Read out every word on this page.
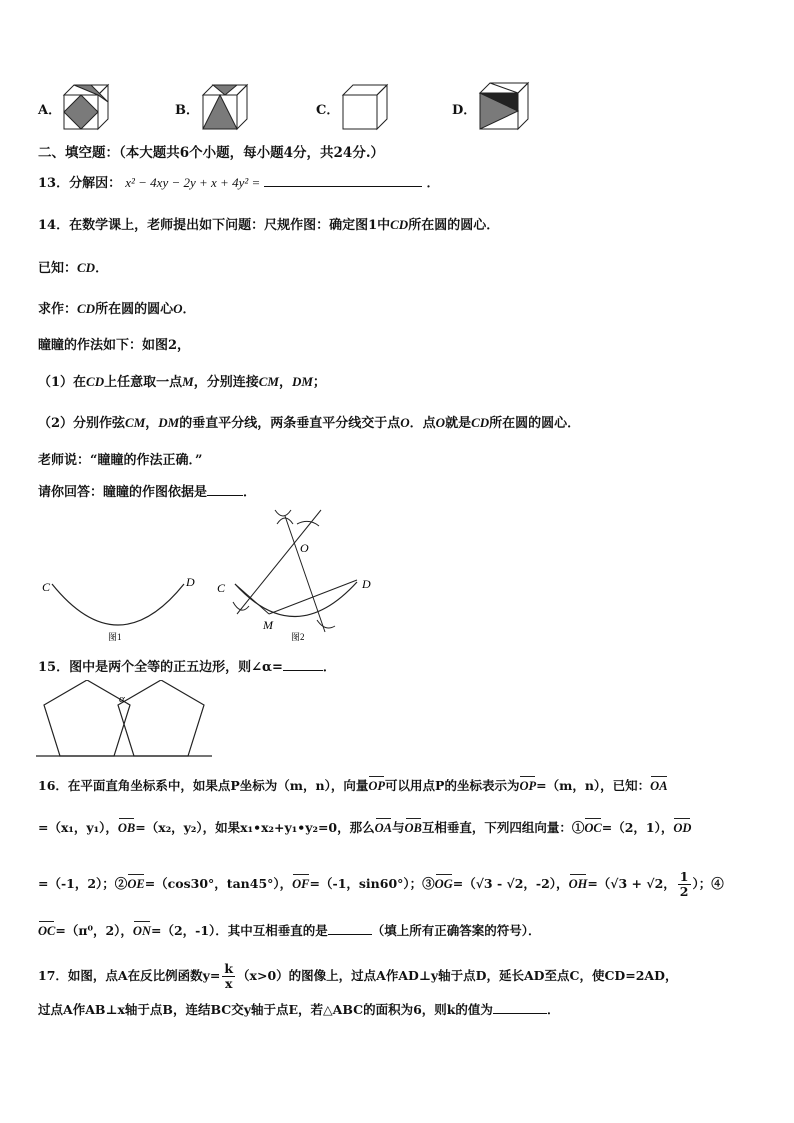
A．	B．	C．	D．
二、填空题：（本大题共6个小题，每小题4分，共24分.）
13．分解因： x² − 4xy − 2y + x + 4y² =	．
14．在数学课上，老师提出如下问题：尺规作图：确定图1中CD所在圆的圆心．
已知：CD．
求作：CD所在圆的圆心O．
瞳瞳的作法如下：如图2，
（1）在CD上任意取一点M，分别连接CM，DM；
（2）分别作弦CM，DM的垂直平分线，两条垂直平分线交于点O．点O就是CD所在圆的圆心．
老师说：“瞳瞳的作法正确．”
请你回答：瞳瞳的作图依据是	．
C	D
图1
C	D
M
O
图2
15．图中是两个全等的正五边形，则∠α=	．
α
16．在平面直角坐标系中，如果点P坐标为（m，n），向量OP可以用点P的坐标表示为OP=（m，n），已知：OA
=（x₁，y₁），OB=（x₂，y₂），如果x₁•x₂+y₁•y₂=0，那么OA与OB互相垂直，下列四组向量：①OC=（2，1），OD
=（-1，2）；②OE=（cos30°，tan45°），OF=（-1，sin60°）；③OG=（√3 - √2，-2），OH=（√3 + √2， $\frac{1}{2}$ ）；④
OC=（π⁰，2），ON=（2，-1）．其中互相垂直的是	（填上所有正确答案的符号）．
17．如图，点A在反比例函数$y= \frac{k}{x} (x>0)$的图像上，过点A作AD⊥y轴于点D，延长AD至点C，使CD=2AD，
过点A作AB⊥x轴于点B，连结BC交y轴于点E，若△ABC的面积为6，则k的值为	．
